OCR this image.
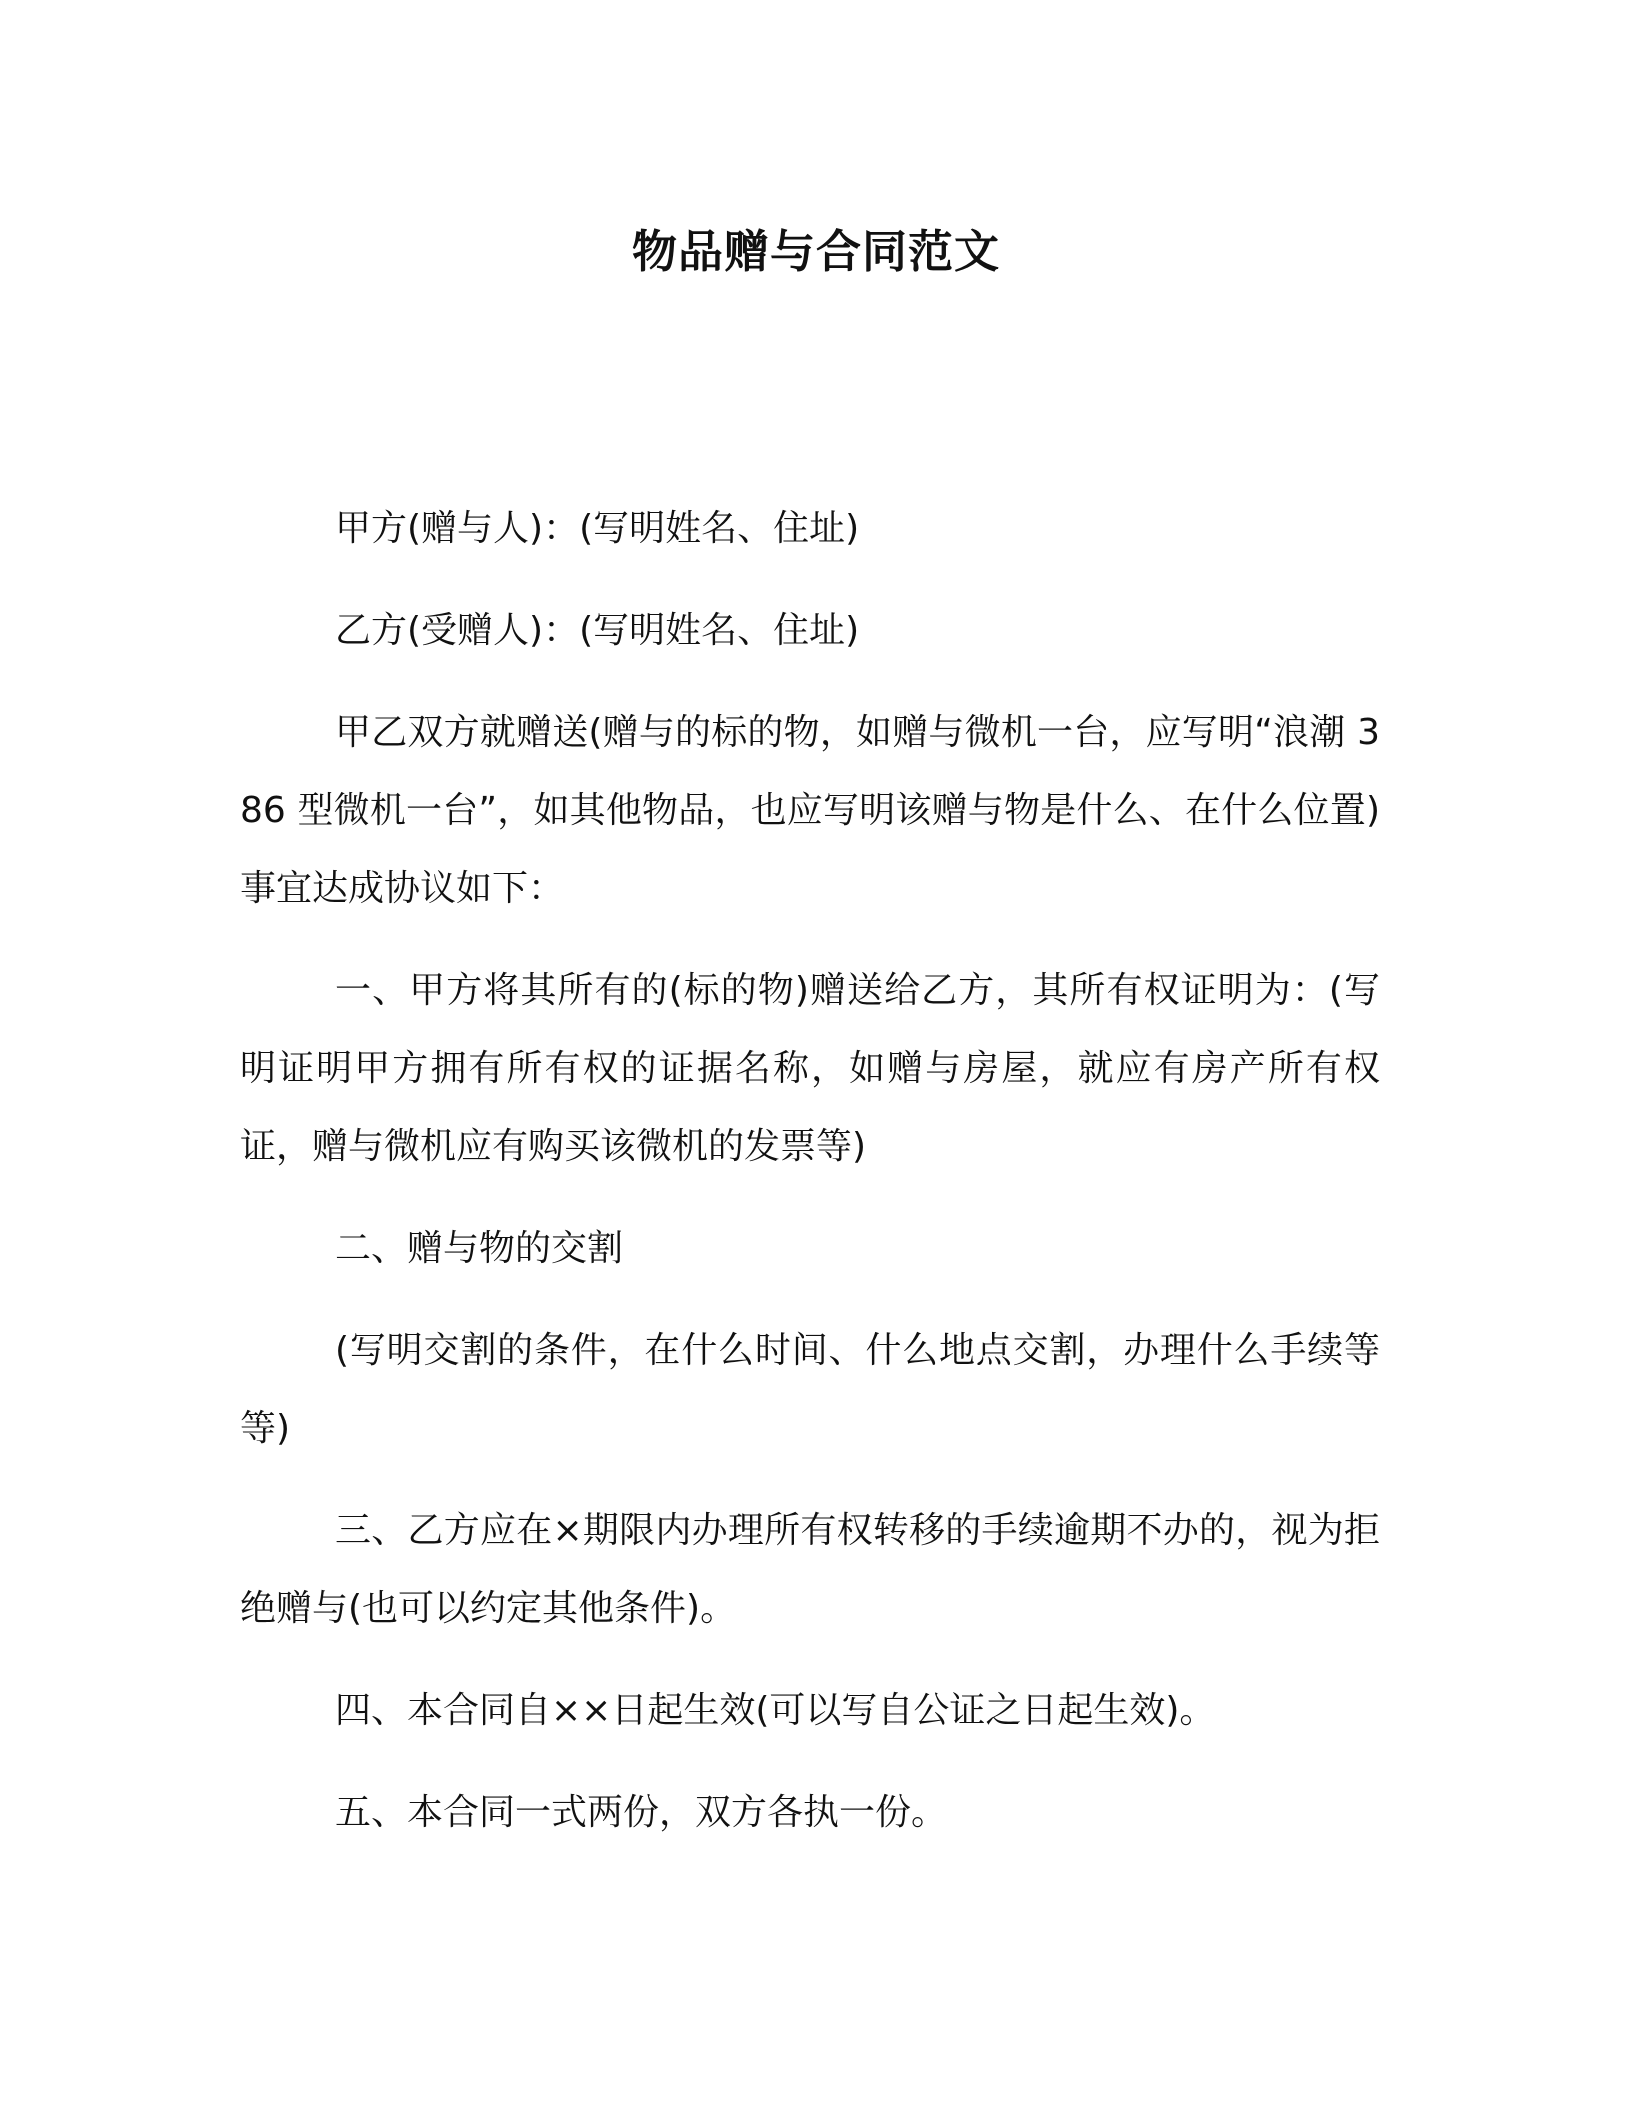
物品赠与合同范文

甲方(赠与人)：(写明姓名、住址)

乙方(受赠人)：(写明姓名、住址)

甲乙双方就赠送(赠与的标的物，如赠与微机一台，应写明“浪潮 386 型微机一台”，如其他物品，也应写明该赠与物是什么、在什么位置)事宜达成协议如下：

一、甲方将其所有的(标的物)赠送给乙方，其所有权证明为：(写明证明甲方拥有所有权的证据名称，如赠与房屋，就应有房产所有权证，赠与微机应有购买该微机的发票等)

二、赠与物的交割

(写明交割的条件，在什么时间、什么地点交割，办理什么手续等等)

三、乙方应在×期限内办理所有权转移的手续逾期不办的，视为拒绝赠与(也可以约定其他条件)。

四、本合同自××日起生效(可以写自公证之日起生效)。

五、本合同一式两份，双方各执一份。
